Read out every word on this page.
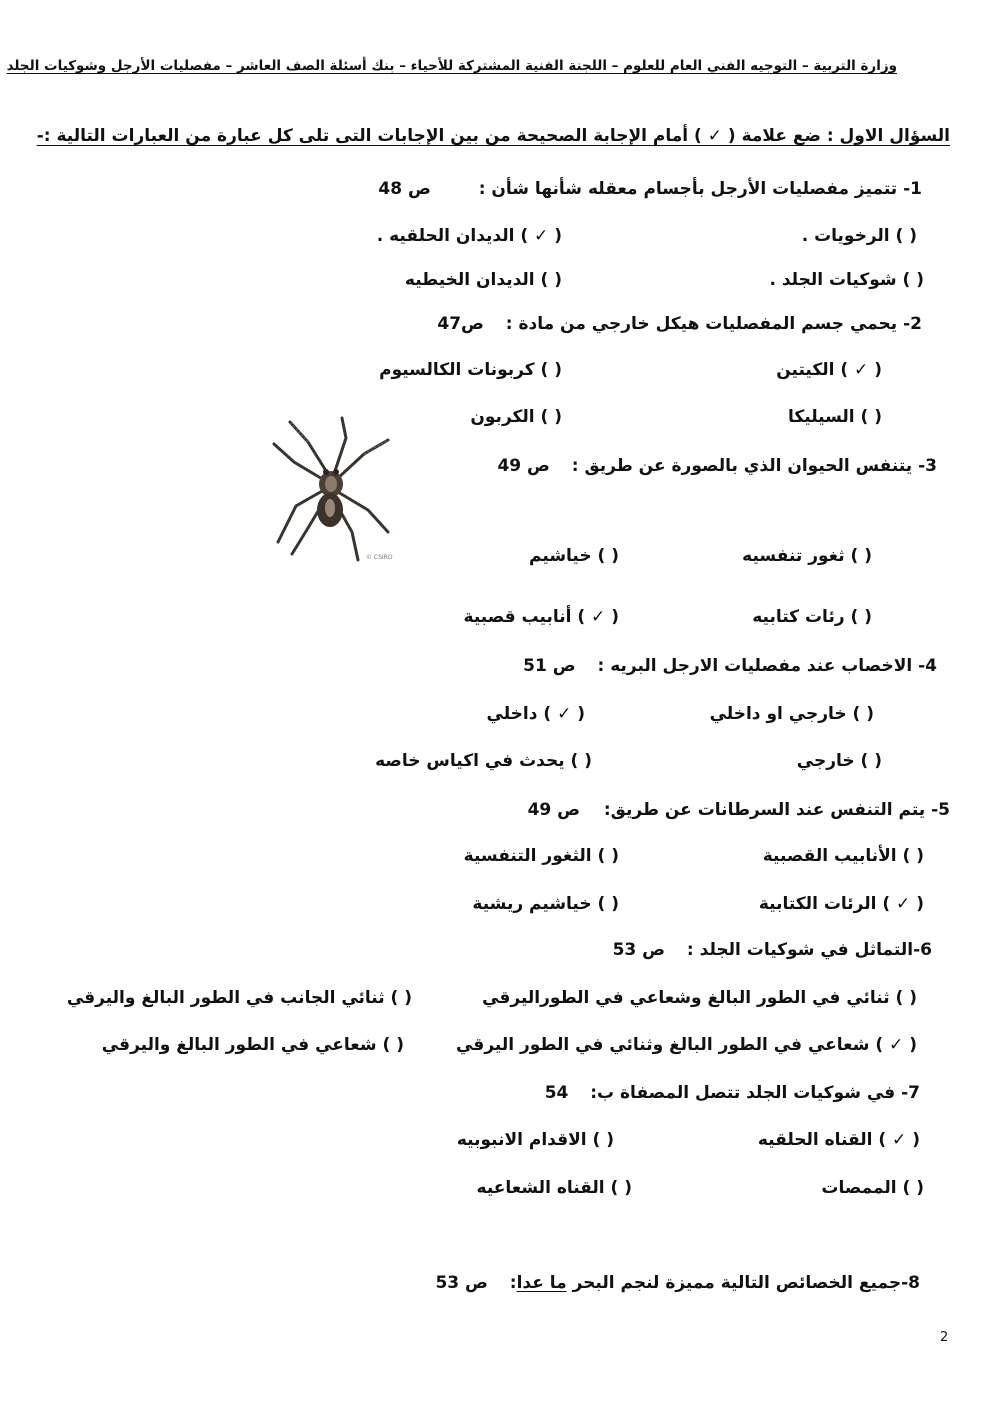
وزارة التربية – التوجيه الفني العام للعلوم – اللجنة الفنية المشتركة للأحياء – بنك أسئلة الصف العاشر – مفصليات الأرجل وشوكيات الجلد
السؤال الاول : ضع علامة ( ✓ ) أمام الإجابة الصحيحة من بين الإجابات التى تلى كل عبارة من العبارات التالية :-
1- تتميز مفصليات الأرجل بأجسام معقله شأنها شأن :  ص 48
( ) الرخويات .
( ✓ ) الديدان الحلقيه .
( ) شوكيات الجلد .
( ) الديدان الخيطيه
2- يحمي جسم المفصليات هيكل خارجي من مادة :  ص47
( ✓ ) الكيتين
( ) كربونات الكالسيوم
( ) السيليكا
( ) الكربون
© CSIRO
3- يتنفس الحيوان الذي بالصورة عن طريق :  ص 49
( ) ثغور تنفسيه
( ) خياشيم
( ) رئات كتابيه
( ✓ ) أنابيب قصبية
4- الاخصاب عند مفصليات الارجل البريه :  ص 51
( ) خارجي او داخلي
( ✓ ) داخلي
( ) خارجي
( ) يحدث في اكياس خاصه
5- يتم التنفس عند السرطانات عن طريق:  ص 49
( ) الأنابيب القصبية
( ) الثغور التنفسية
( ✓ ) الرئات الكتابية
( ) خياشيم ريشية
6-التماثل في شوكيات الجلد :  ص 53
( ) ثنائي في الطور البالغ وشعاعي في الطوراليرقي
( ) ثنائي الجانب في الطور البالغ واليرقي
( ✓ ) شعاعي في الطور البالغ وثنائي في الطور اليرقي
( ) شعاعي في الطور البالغ واليرقي
7- في شوكيات الجلد تتصل المصفاة ب:  54
( ✓ ) القناه الحلقيه
( ) الاقدام الانبوبيه
( ) الممصات
( ) القناه الشعاعيه
8-جميع الخصائص التالية مميزة لنجم البحر ما عدا:  ص 53
2
